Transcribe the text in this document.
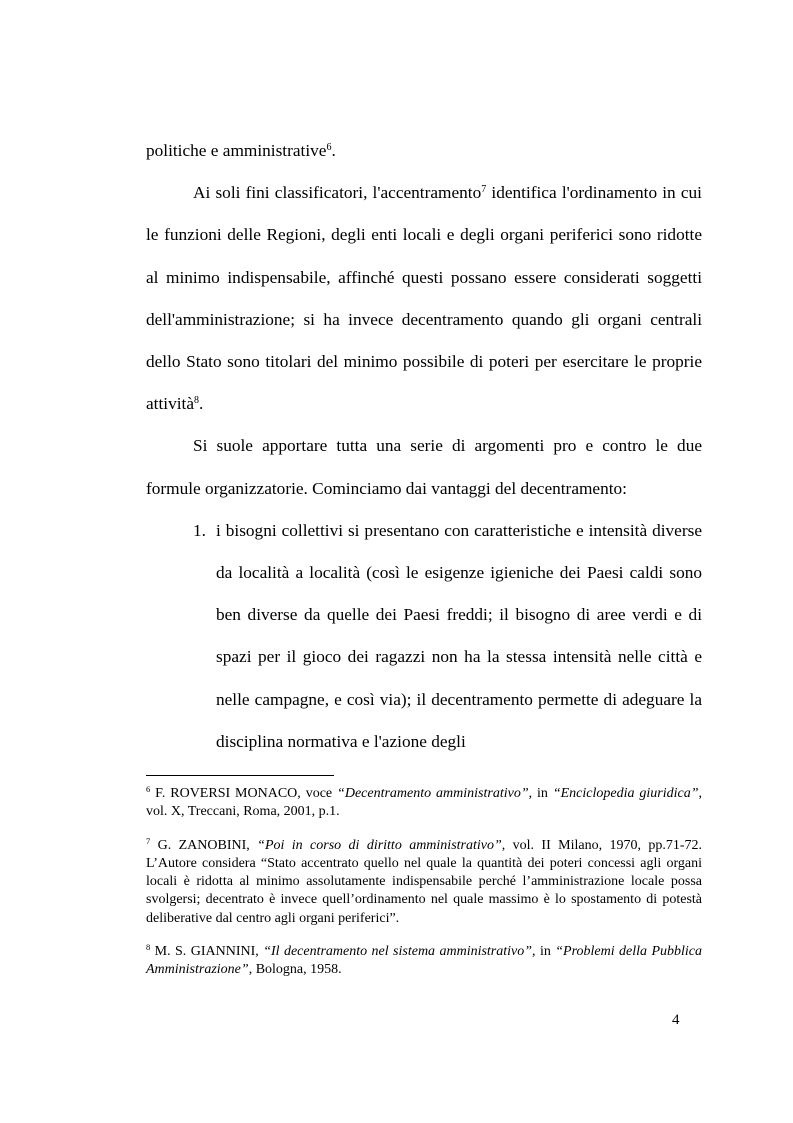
politiche e amministrative$^6$.

Ai soli fini classificatori, l'accentramento$^7$ identifica l'ordinamento in cui le funzioni delle Regioni, degli enti locali e degli organi periferici sono ridotte al minimo indispensabile, affinché questi possano essere considerati soggetti dell'amministrazione; si ha invece decentramento quando gli organi centrali dello Stato sono titolari del minimo possibile di poteri per esercitare le proprie attività$^8$.

Si suole apportare tutta una serie di argomenti pro e contro le due formule organizzatorie. Cominciamo dai vantaggi del decentramento:

1. i bisogni collettivi si presentano con caratteristiche e intensità diverse da località a località (così le esigenze igieniche dei Paesi caldi sono ben diverse da quelle dei Paesi freddi; il bisogno di aree verdi e di spazi per il gioco dei ragazzi non ha la stessa intensità nelle città e nelle campagne, e così via); il decentramento permette di adeguare la disciplina normativa e l'azione degli

$^6$ F. ROVERSI MONACO, voce “Decentramento amministrativo”, in “Enciclopedia giuridica”, vol. X, Treccani, Roma, 2001, p.1.

$^7$ G. ZANOBINI, “Poi in corso di diritto amministrativo”, vol. II Milano, 1970, pp.71-72. L’Autore considera “Stato accentrato quello nel quale la quantità dei poteri concessi agli organi locali è ridotta al minimo assolutamente indispensabile perché l’amministrazione locale possa svolgersi; decentrato è invece quell’ordinamento nel quale massimo è lo spostamento di potestà deliberative dal centro agli organi periferici”.

$^8$ M. S. GIANNINI, “Il decentramento nel sistema amministrativo”, in “Problemi della Pubblica Amministrazione”, Bologna, 1958.

4
